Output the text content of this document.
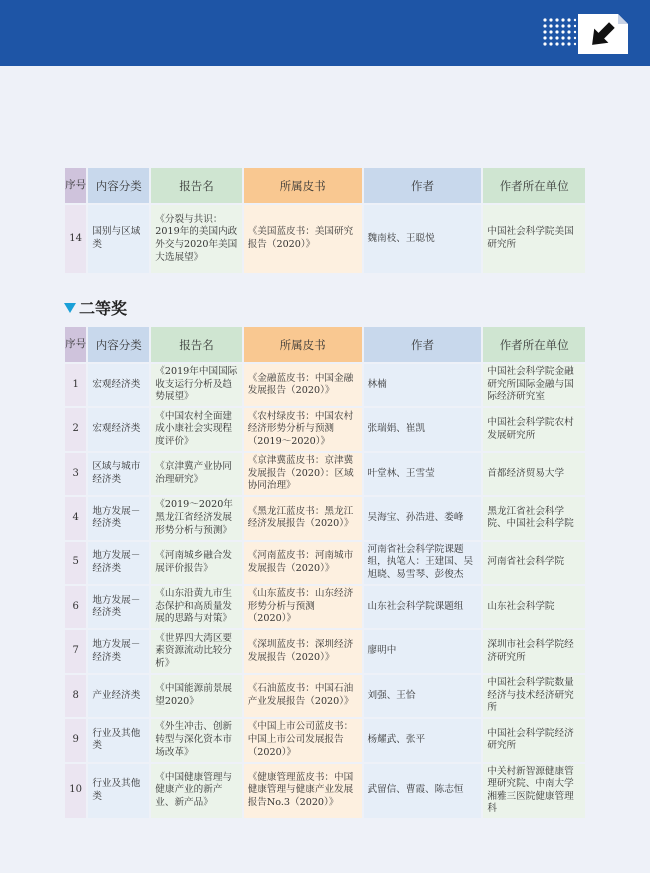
序号	内容分类	报告名	所属皮书	作者	作者所在单位
14	国别与区域类	《分裂与共识：2019年的美国内政外交与2020年美国大选展望》	《美国蓝皮书：美国研究报告（2020）》	魏南枝、王聪悦	中国社会科学院美国研究所
二等奖
序号	内容分类	报告名	所属皮书	作者	作者所在单位
1	宏观经济类	《2019年中国国际收支运行分析及趋势展望》	《金融蓝皮书：中国金融发展报告（2020）》	林楠	中国社会科学院金融研究所国际金融与国际经济研究室
2	宏观经济类	《中国农村全面建成小康社会实现程度评价》	《农村绿皮书：中国农村经济形势分析与预测（2019～2020）》	张瑞娟、崔凯	中国社会科学院农村发展研究所
3	区域与城市经济类	《京津冀产业协同治理研究》	《京津冀蓝皮书：京津冀发展报告（2020）：区域协同治理》	叶堂林、王雪莹	首都经济贸易大学
4	地方发展－经济类	《2019～2020年黑龙江省经济发展形势分析与预测》	《黑龙江蓝皮书：黑龙江经济发展报告（2020）》	吴海宝、孙浩进、娄峰	黑龙江省社会科学院、中国社会科学院
5	地方发展－经济类	《河南城乡融合发展评价报告》	《河南蓝皮书：河南城市发展报告（2020）》	河南省社会科学院课题组，执笔人：王建国、吴旭晓、易雪琴、彭俊杰	河南省社会科学院
6	地方发展－经济类	《山东沿黄九市生态保护和高质量发展的思路与对策》	《山东蓝皮书：山东经济形势分析与预测（2020）》	山东社会科学院课题组	山东社会科学院
7	地方发展－经济类	《世界四大湾区要素资源流动比较分析》	《深圳蓝皮书：深圳经济发展报告（2020）》	廖明中	深圳市社会科学院经济研究所
8	产业经济类	《中国能源前景展望2020》	《石油蓝皮书：中国石油产业发展报告（2020）》	刘强、王恰	中国社会科学院数量经济与技术经济研究所
9	行业及其他类	《外生冲击、创新转型与深化资本市场改革》	《中国上市公司蓝皮书：中国上市公司发展报告（2020）》	杨耀武、张平	中国社会科学院经济研究所
10	行业及其他类	《中国健康管理与健康产业的新产业、新产品》	《健康管理蓝皮书：中国健康管理与健康产业发展报告No.3（2020）》	武留信、曹霞、陈志恒	中关村新智源健康管理研究院、中南大学湘雅三医院健康管理科
